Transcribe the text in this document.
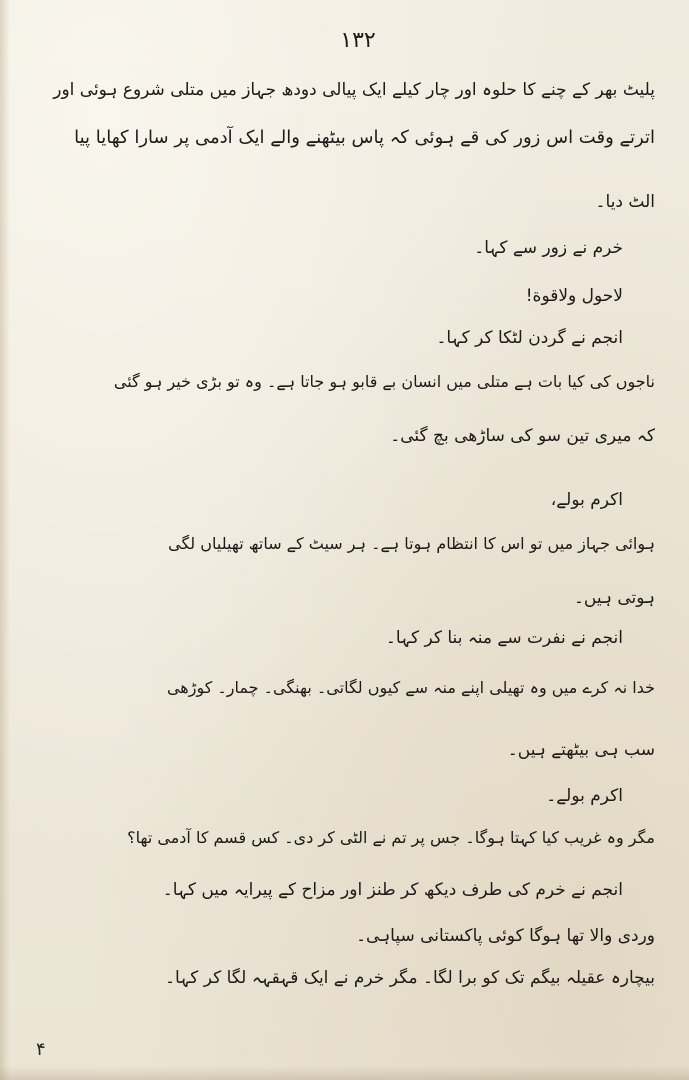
۱۳۲
پلیٹ بھر کے چنے کا حلوہ اور چار کیلے ایک پیالی دودھ جہاز میں متلی شروع ہوئی اور
اترتے وقت اس زور کی قے ہوئی کہ پاس بیٹھنے والے ایک آدمی پر سارا کھایا پیا
الٹ دیا۔
خرم نے زور سے کہا۔
لاحول ولاقوة!
انجم نے گردن لٹکا کر کہا۔
ناجوں کی کیا بات ہے متلی میں انسان بے قابو ہو جاتا ہے۔ وہ تو بڑی خیر ہو گئی
کہ میری تین سو کی ساڑھی بچ گئی۔
اکرم بولے،
ہوائی جہاز میں تو اس کا انتظام ہوتا ہے۔ ہر سیٹ کے ساتھ تھیلیاں لگی
ہوتی ہیں۔
انجم نے نفرت سے منہ بنا کر کہا۔
خدا نہ کرے میں وہ تھیلی اپنے منہ سے کیوں لگاتی۔ بھنگی۔ چمار۔ کوڑھی
سب ہی بیٹھتے ہیں۔
اکرم بولے۔
مگر وہ غریب کیا کہتا ہوگا۔ جس پر تم نے الٹی کر دی۔ کس قسم کا آدمی تھا؟
انجم نے خرم کی طرف دیکھ کر طنز اور مزاح کے پیرایہ میں کہا۔
وردی والا تھا ہوگا کوئی پاکستانی سپاہی۔
بیچارہ عقیلہ بیگم تک کو برا لگا۔ مگر خرم نے ایک قہقہہ لگا کر کہا۔
۴
